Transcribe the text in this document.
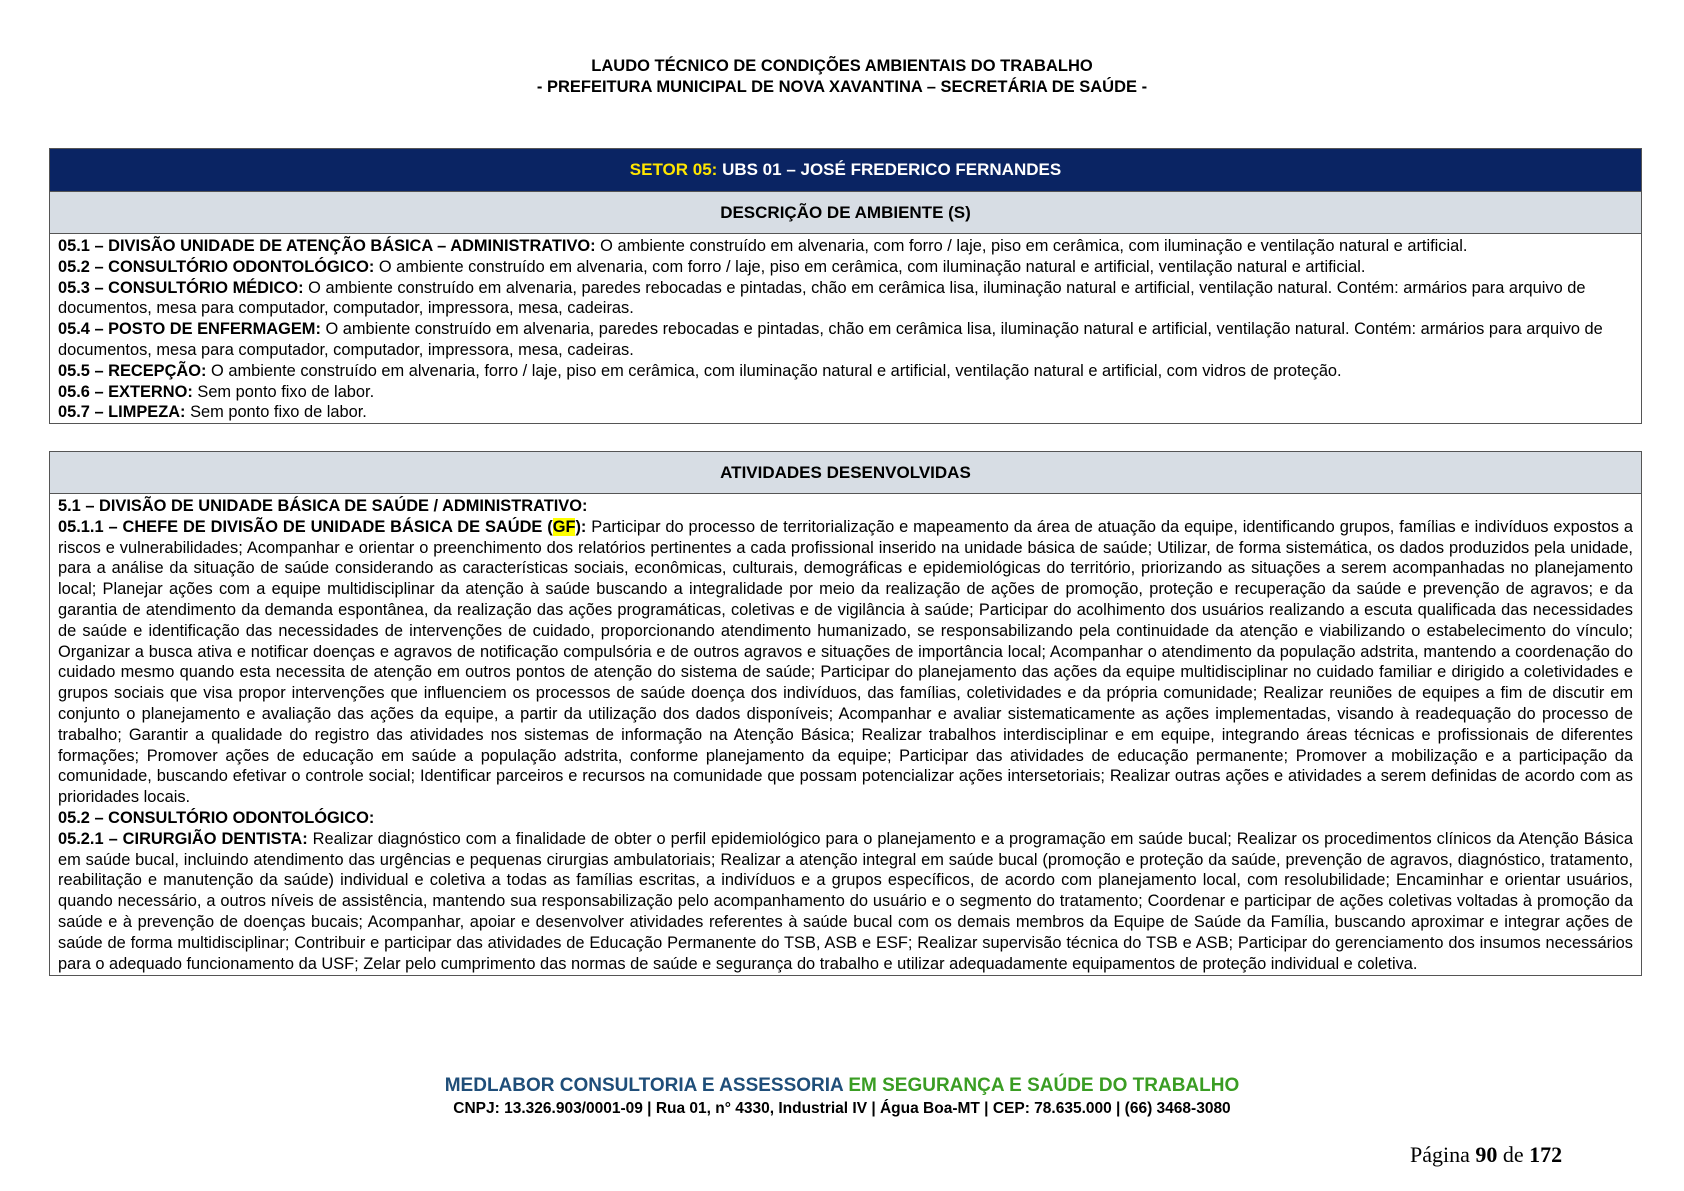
LAUDO TÉCNICO DE CONDIÇÕES AMBIENTAIS DO TRABALHO
- PREFEITURA MUNICIPAL DE NOVA XAVANTINA – SECRETÁRIA DE SAÚDE -
SETOR 05: UBS 01 – JOSÉ FREDERICO FERNANDES
DESCRIÇÃO DE AMBIENTE (S)

05.1 – DIVISÃO UNIDADE DE ATENÇÃO BÁSICA – ADMINISTRATIVO: O ambiente construído em alvenaria, com forro / laje, piso em cerâmica, com iluminação e ventilação natural e artificial.

05.2 – CONSULTÓRIO ODONTOLÓGICO: O ambiente construído em alvenaria, com forro / laje, piso em cerâmica, com iluminação natural e artificial, ventilação natural e artificial.

05.3 – CONSULTÓRIO MÉDICO: O ambiente construído em alvenaria, paredes rebocadas e pintadas, chão em cerâmica lisa, iluminação natural e artificial, ventilação natural. Contém: armários para arquivo de documentos, mesa para computador, computador, impressora, mesa, cadeiras.

05.4 – POSTO DE ENFERMAGEM: O ambiente construído em alvenaria, paredes rebocadas e pintadas, chão em cerâmica lisa, iluminação natural e artificial, ventilação natural. Contém: armários para arquivo de documentos, mesa para computador, computador, impressora, mesa, cadeiras.

05.5 – RECEPÇÃO: O ambiente construído em alvenaria, forro / laje, piso em cerâmica, com iluminação natural e artificial, ventilação natural e artificial, com vidros de proteção.

05.6 – EXTERNO: Sem ponto fixo de labor.

05.7 – LIMPEZA: Sem ponto fixo de labor.

ATIVIDADES DESENVOLVIDAS

5.1 – DIVISÃO DE UNIDADE BÁSICA DE SAÚDE / ADMINISTRATIVO:

05.1.1 – CHEFE DE DIVISÃO DE UNIDADE BÁSICA DE SAÚDE (GF): Participar do processo de territorialização e mapeamento da área de atuação da equipe, identificando grupos, famílias e indivíduos expostos a riscos e vulnerabilidades; Acompanhar e orientar o preenchimento dos relatórios pertinentes a cada profissional inserido na unidade básica de saúde; Utilizar, de forma sistemática, os dados produzidos pela unidade, para a análise da situação de saúde considerando as características sociais, econômicas, culturais, demográficas e epidemiológicas do território, priorizando as situações a serem acompanhadas no planejamento local; Planejar ações com a equipe multidisciplinar da atenção à saúde buscando a integralidade por meio da realização de ações de promoção, proteção e recuperação da saúde e prevenção de agravos; e da garantia de atendimento da demanda espontânea, da realização das ações programáticas, coletivas e de vigilância à saúde; Participar do acolhimento dos usuários realizando a escuta qualificada das necessidades de saúde e identificação das necessidades de intervenções de cuidado, proporcionando atendimento humanizado, se responsabilizando pela continuidade da atenção e viabilizando o estabelecimento do vínculo; Organizar a busca ativa e notificar doenças e agravos de notificação compulsória e de outros agravos e situações de importância local; Acompanhar o atendimento da população adstrita, mantendo a coordenação do cuidado mesmo quando esta necessita de atenção em outros pontos de atenção do sistema de saúde; Participar do planejamento das ações da equipe multidisciplinar no cuidado familiar e dirigido a coletividades e grupos sociais que visa propor intervenções que influenciem os processos de saúde doença dos indivíduos, das famílias, coletividades e da própria comunidade; Realizar reuniões de equipes a fim de discutir em conjunto o planejamento e avaliação das ações da equipe, a partir da utilização dos dados disponíveis; Acompanhar e avaliar sistematicamente as ações implementadas, visando à readequação do processo de trabalho; Garantir a qualidade do registro das atividades nos sistemas de informação na Atenção Básica; Realizar trabalhos interdisciplinar e em equipe, integrando áreas técnicas e profissionais de diferentes formações; Promover ações de educação em saúde a população adstrita, conforme planejamento da equipe; Participar das atividades de educação permanente; Promover a mobilização e a participação da comunidade, buscando efetivar o controle social; Identificar parceiros e recursos na comunidade que possam potencializar ações intersetoriais; Realizar outras ações e atividades a serem definidas de acordo com as prioridades locais.

05.2 – CONSULTÓRIO ODONTOLÓGICO:

05.2.1 – CIRURGIÃO DENTISTA: Realizar diagnóstico com a finalidade de obter o perfil epidemiológico para o planejamento e a programação em saúde bucal; Realizar os procedimentos clínicos da Atenção Básica em saúde bucal, incluindo atendimento das urgências e pequenas cirurgias ambulatoriais; Realizar a atenção integral em saúde bucal (promoção e proteção da saúde, prevenção de agravos, diagnóstico, tratamento, reabilitação e manutenção da saúde) individual e coletiva a todas as famílias escritas, a indivíduos e a grupos específicos, de acordo com planejamento local, com resolubilidade; Encaminhar e orientar usuários, quando necessário, a outros níveis de assistência, mantendo sua responsabilização pelo acompanhamento do usuário e o segmento do tratamento; Coordenar e participar de ações coletivas voltadas à promoção da saúde e à prevenção de doenças bucais; Acompanhar, apoiar e desenvolver atividades referentes à saúde bucal com os demais membros da Equipe de Saúde da Família, buscando aproximar e integrar ações de saúde de forma multidisciplinar; Contribuir e participar das atividades de Educação Permanente do TSB, ASB e ESF; Realizar supervisão técnica do TSB e ASB; Participar do gerenciamento dos insumos necessários para o adequado funcionamento da USF; Zelar pelo cumprimento das normas de saúde e segurança do trabalho e utilizar adequadamente equipamentos de proteção individual e coletiva.

MEDLABOR CONSULTORIA E ASSESSORIA EM SEGURANÇA E SAÚDE DO TRABALHO
CNPJ: 13.326.903/0001-09 | Rua 01, n° 4330, Industrial IV | Água Boa-MT | CEP: 78.635.000 | (66) 3468-3080
Página 90 de 172
